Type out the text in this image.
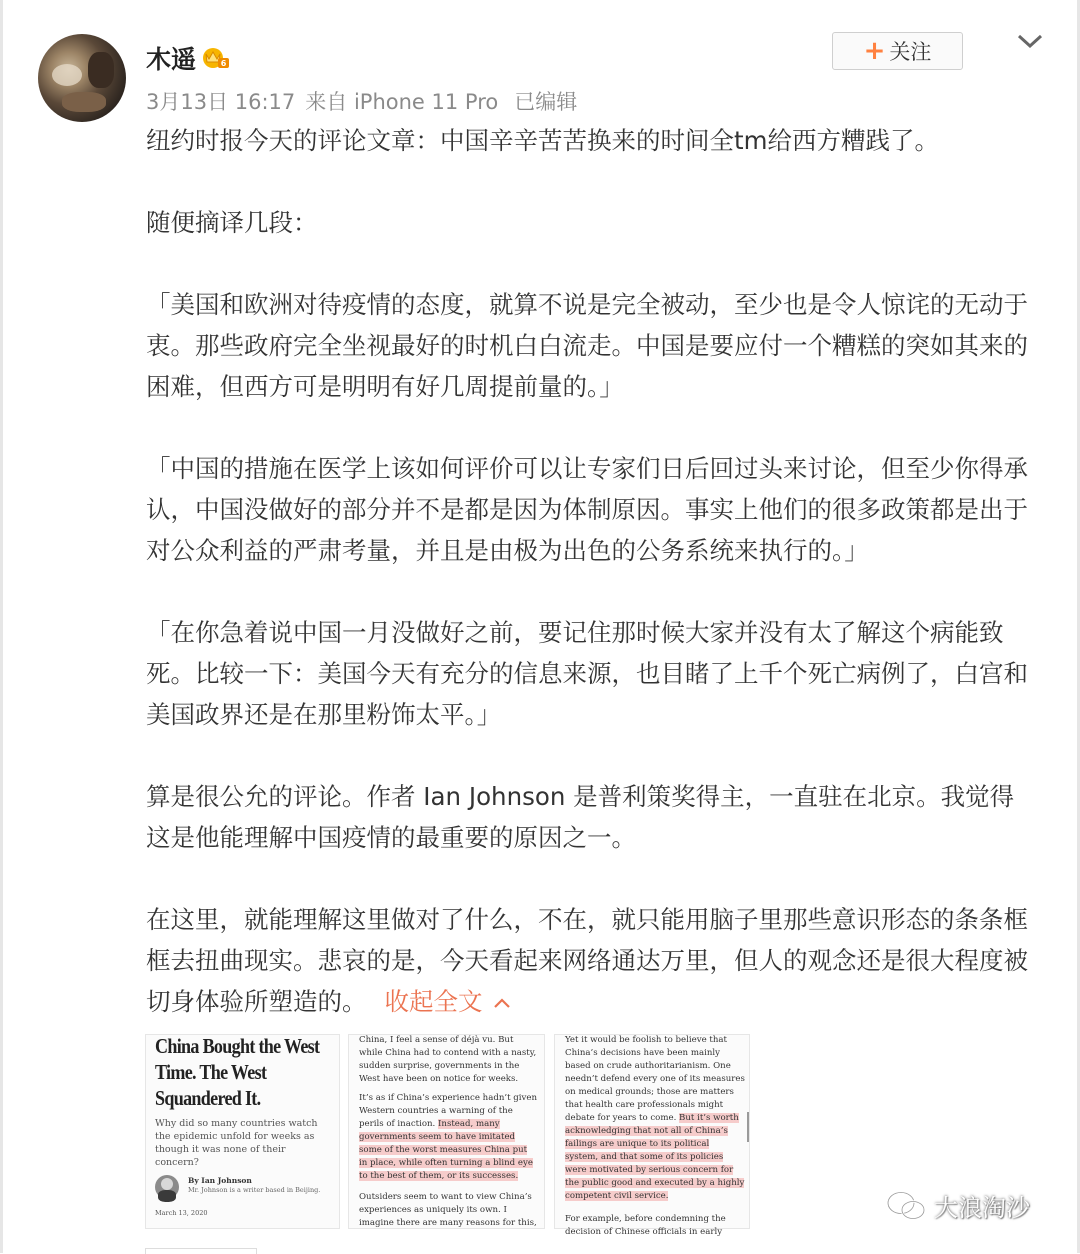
木遥	6
3月13日 16:17 来自 iPhone 11 Pro 已编辑
+ 关注

纽约时报今天的评论文章：中国辛辛苦苦换来的时间全tm给西方糟践了。

随便摘译几段：

「美国和欧洲对待疫情的态度，就算不说是完全被动，至少也是令人惊诧的无动于衷。那些政府完全坐视最好的时机白白流走。中国是要应付一个糟糕的突如其来的困难，但西方可是明明有好几周提前量的。」

「中国的措施在医学上该如何评价可以让专家们日后回过头来讨论，但至少你得承认，中国没做好的部分并不是都是因为体制原因。事实上他们的很多政策都是出于对公众利益的严肃考量，并且是由极为出色的公务系统来执行的。」

「在你急着说中国一月没做好之前，要记住那时候大家并没有太了解这个病能致死。比较一下：美国今天有充分的信息来源，也目睹了上千个死亡病例了，白宫和美国政界还是在那里粉饰太平。」

算是很公允的评论。作者 Ian Johnson 是普利策奖得主，一直驻在北京。我觉得这是他能理解中国疫情的最重要的原因之一。

在这里，就能理解这里做对了什么，不在，就只能用脑子里那些意识形态的条条框框去扭曲现实。悲哀的是，今天看起来网络通达万里，但人的观念还是很大程度被切身体验所塑造的。 收起全文

China Bought the West Time. The West Squandered It.
Why did so many countries watch the epidemic unfold for weeks as though it was none of their concern?
By Ian Johnson
Mr. Johnson is a writer based in Beijing.
March 13, 2020
China, I feel a sense of déjà vu. But while China had to contend with a nasty, sudden surprise, governments in the West have been on notice for weeks.
It’s as if China’s experience hadn’t given Western countries a warning of the perils of inaction. Instead, many governments seem to have imitated some of the worst measures China put in place, while often turning a blind eye to the best of them, or its successes.
Outsiders seem to want to view China’s experiences as uniquely its own. I imagine there are many reasons for this,
Yet it would be foolish to believe that China’s decisions have been mainly based on crude authoritarianism. One needn’t defend every one of its measures on medical grounds; those are matters that health care professionals might debate for years to come. But it’s worth acknowledging that not all of China’s failings are unique to its political system, and that some of its policies were motivated by serious concern for the public good and executed by a highly competent civil service.
For example, before condemning the decision of Chinese officials in early
大浪淘沙
